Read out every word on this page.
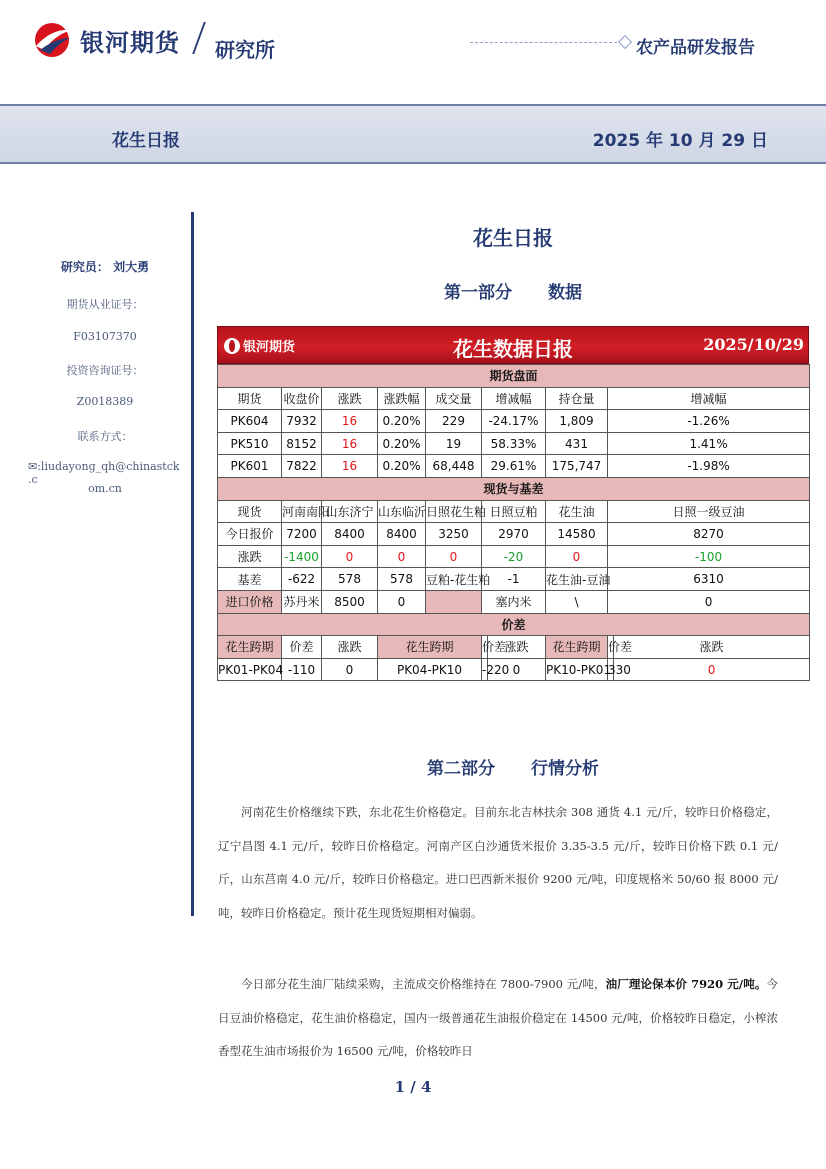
银河期货 研究所	农产品研发报告
花生日报	2025 年 10 月 29 日
研究员： 刘大勇
期货从业证号：
F03107370
投资咨询证号：
Z0018389
联系方式：
✉:liudayong_qh@chinastck .c
om.cn
花生日报
第一部分 数据
银河期货	花生数据日报	2025/10/29
期货盘面									
期货	收盘价	涨跌	涨跌幅	成交量	增减幅		持仓量	增减幅	
PK604	7932	16	0.20%	229	-24.17%		1,809	-1.26%	
PK510	8152	16	0.20%	19	58.33%		431	1.41%	
PK601	7822	16	0.20%	68,448	29.61%		175,747	-1.98%	
现货与基差									
现货	河南南阳	山东济宁	山东临沂	日照花生粕	日照豆粕		花生油	日照一级豆油	
今日报价	7200	8400	8400	3250	2970		14580	8270	
涨跌	-1400	0	0	0	-20		0	-100	
基差	-622	578	578	豆粕-花生粕	-1		花生油-豆油	6310	
进口价格	苏丹米	8500	0		塞内米		\	0	
价差									
花生跨期	价差	涨跌	花生跨期		价差	涨跌	花生跨期	价差	涨跌
PK01-PK04	-110	0	PK04-PK10		-220	0	PK10-PK01	330	0
第二部分 行情分析
河南花生价格继续下跌，东北花生价格稳定。目前东北吉林扶余 308 通货 4.1 元/斤，较昨日价格稳定，辽宁昌图 4.1 元/斤，较昨日价格稳定。河南产区白沙通货米报价 3.35-3.5 元/斤，较昨日价格下跌 0.1 元/斤，山东莒南 4.0 元/斤，较昨日价格稳定。进口巴西新米报价 9200 元/吨，印度规格米 50/60 报 8000 元/吨，较昨日价格稳定。预计花生现货短期相对偏弱。
今日部分花生油厂陆续采购，主流成交价格维持在 7800-7900 元/吨，油厂理论保本价 7920 元/吨。今日豆油价格稳定，花生油价格稳定，国内一级普通花生油报价稳定在 14500 元/吨，价格较昨日稳定，小榨浓香型花生油市场报价为 16500 元/吨，价格较昨日
1 / 4
